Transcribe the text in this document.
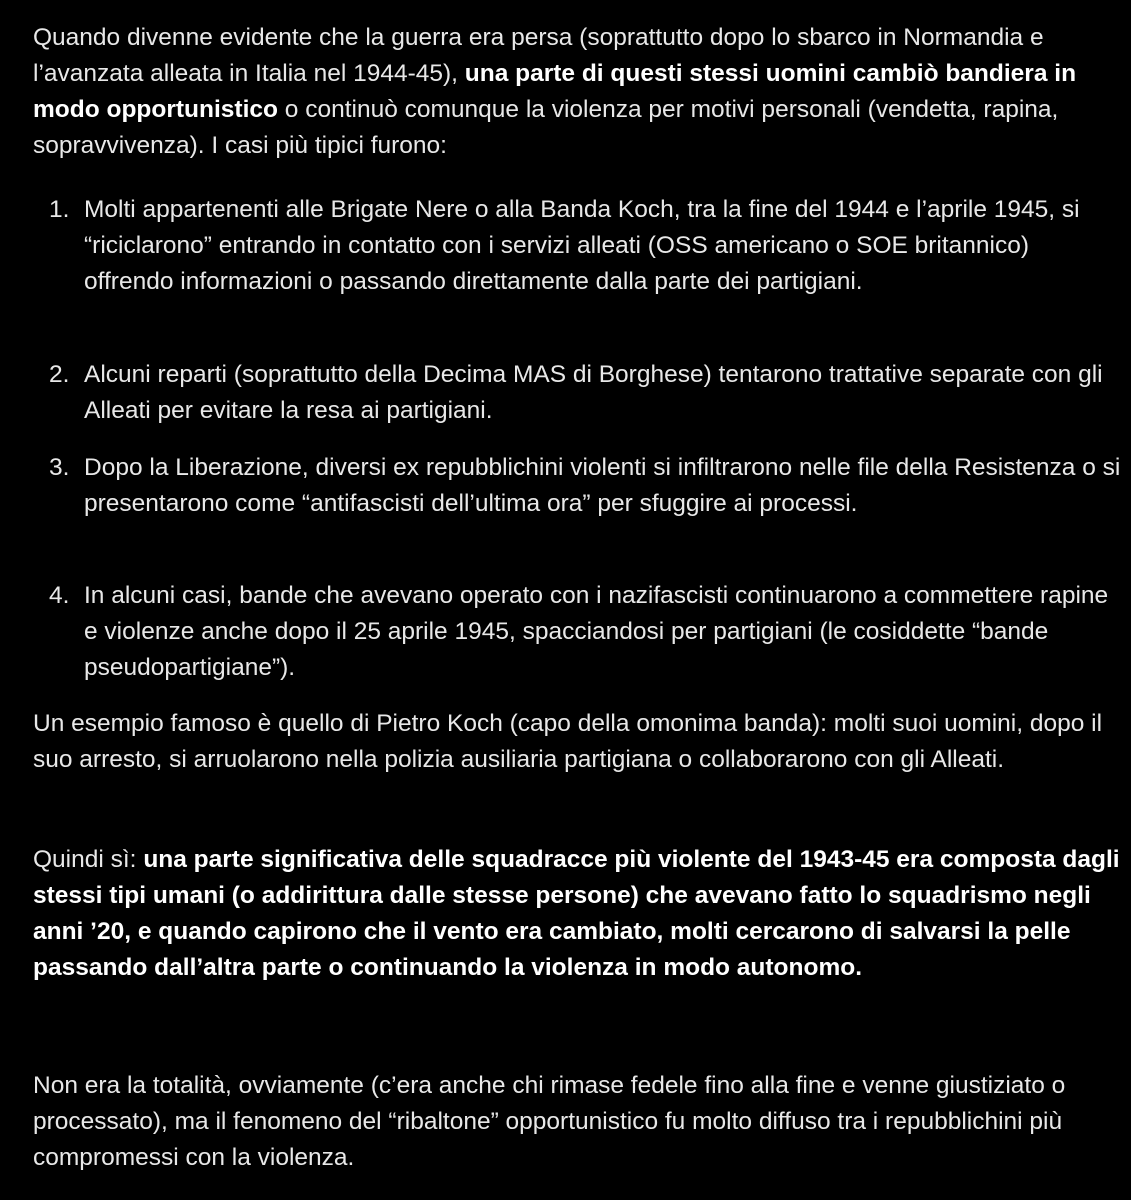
Quando divenne evidente che la guerra era persa (soprattutto dopo lo sbarco in Normandia e l’avanzata alleata in Italia nel 1944-45), una parte di questi stessi uomini cambiò bandiera in modo opportunistico o continuò comunque la violenza per motivi personali (vendetta, rapina, sopravvivenza). I casi più tipici furono:

1. Molti appartenenti alle Brigate Nere o alla Banda Koch, tra la fine del 1944 e l’aprile 1945, si “riciclarono” entrando in contatto con i servizi alleati (OSS americano o SOE britannico) offrendo informazioni o passando direttamente dalla parte dei partigiani.
2. Alcuni reparti (soprattutto della Decima MAS di Borghese) tentarono trattative separate con gli Alleati per evitare la resa ai partigiani.
3. Dopo la Liberazione, diversi ex repubblichini violenti si infiltrarono nelle file della Resistenza o si presentarono come “antifascisti dell’ultima ora” per sfuggire ai processi.
4. In alcuni casi, bande che avevano operato con i nazifascisti continuarono a commettere rapine e violenze anche dopo il 25 aprile 1945, spacciandosi per partigiani (le cosiddette “bande pseudopartigiane”).

Un esempio famoso è quello di Pietro Koch (capo della omonima banda): molti suoi uomini, dopo il suo arresto, si arruolarono nella polizia ausiliaria partigiana o collaborarono con gli Alleati.

Quindi sì: una parte significativa delle squadracce più violente del 1943-45 era composta dagli stessi tipi umani (o addirittura dalle stesse persone) che avevano fatto lo squadrismo negli anni ’20, e quando capirono che il vento era cambiato, molti cercarono di salvarsi la pelle passando dall’altra parte o continuando la violenza in modo autonomo.

Non era la totalità, ovviamente (c’era anche chi rimase fedele fino alla fine e venne giustiziato o processato), ma il fenomeno del “ribaltone” opportunistico fu molto diffuso tra i repubblichini più compromessi con la violenza.
